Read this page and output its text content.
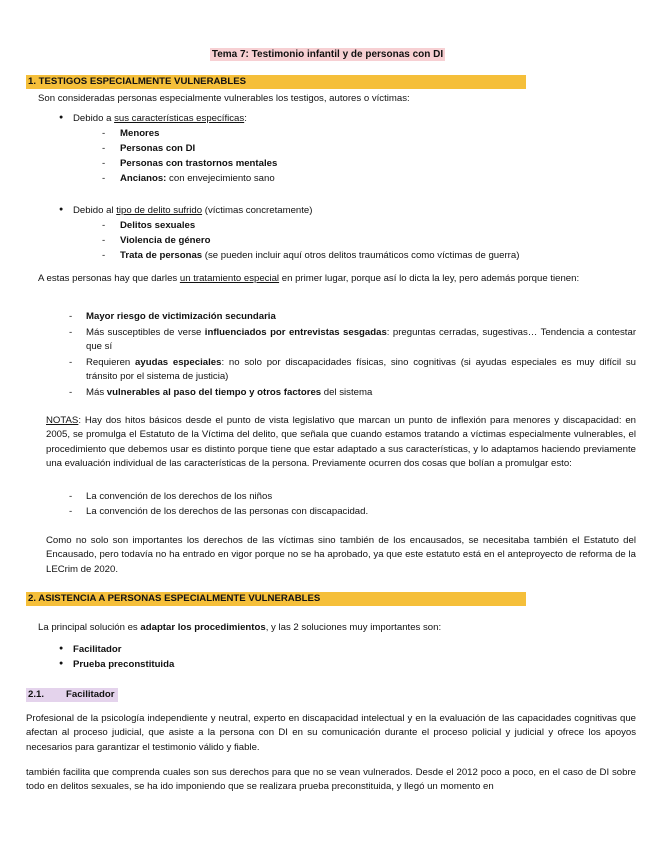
Tema 7: Testimonio infantil y de personas con DI
1. TESTIGOS ESPECIALMENTE VULNERABLES
Son consideradas personas especialmente vulnerables los testigos, autores o víctimas:
● Debido a sus características específicas:
- Menores
- Personas con DI
- Personas con trastornos mentales
- Ancianos: con envejecimiento sano
● Debido al tipo de delito sufrido (víctimas concretamente)
- Delitos sexuales
- Violencia de género
- Trata de personas (se pueden incluir aquí otros delitos traumáticos como víctimas de guerra)
A estas personas hay que darles un tratamiento especial en primer lugar, porque así lo dicta la ley, pero además porque tienen:
- Mayor riesgo de victimización secundaria
- Más susceptibles de verse influenciados por entrevistas sesgadas: preguntas cerradas, sugestivas… Tendencia a contestar que sí
- Requieren ayudas especiales: no solo por discapacidades físicas, sino cognitivas (si ayudas especiales es muy difícil su tránsito por el sistema de justicia)
- Más vulnerables al paso del tiempo y otros factores del sistema
NOTAS: Hay dos hitos básicos desde el punto de vista legislativo que marcan un punto de inflexión para menores y discapacidad: en 2005, se promulga el Estatuto de la Víctima del delito, que señala que cuando estamos tratando a víctimas especialmente vulnerables, el procedimiento que debemos usar es distinto porque tiene que estar adaptado a sus características, y lo adaptamos haciendo previamente una evaluación individual de las características de la persona. Previamente ocurren dos cosas que bolían a promulgar esto:
- La convención de los derechos de los niños
- La convención de los derechos de las personas con discapacidad.
Como no solo son importantes los derechos de las víctimas sino también de los encausados, se necesitaba también el Estatuto del Encausado, pero todavía no ha entrado en vigor porque no se ha aprobado, ya que este estatuto está en el anteproyecto de reforma de la LECrim de 2020.
2. ASISTENCIA A PERSONAS ESPECIALMENTE VULNERABLES
La principal solución es adaptar los procedimientos, y las 2 soluciones muy importantes son:
● Facilitador
● Prueba preconstituida
2.1. Facilitador
Profesional de la psicología independiente y neutral, experto en discapacidad intelectual y en la evaluación de las capacidades cognitivas que afectan al proceso judicial, que asiste a la persona con DI en su comunicación durante el proceso policial y judicial y ofrece los apoyos necesarios para garantizar el testimonio válido y fiable.
también facilita que comprenda cuales son sus derechos para que no se vean vulnerados. Desde el 2012 poco a poco, en el caso de DI sobre todo en delitos sexuales, se ha ido imponiendo que se realizara prueba preconstituida, y llegó un momento en
